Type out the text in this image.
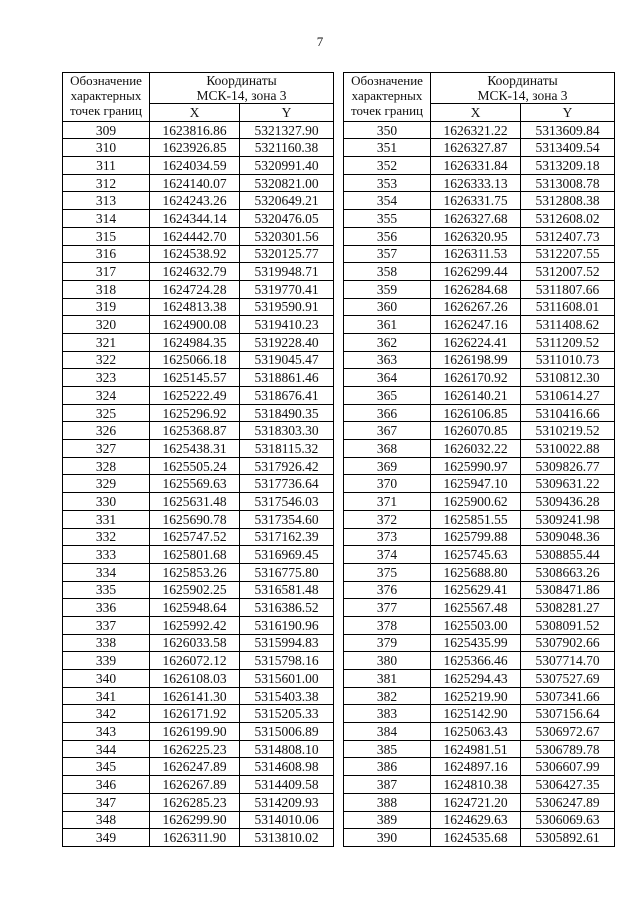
7
Обозначение
характерных
точек границ	Координаты
МСК-14, зона 3	

	X	Y
309	1623816.86	5321327.90
310	1623926.85	5321160.38
311	1624034.59	5320991.40
312	1624140.07	5320821.00
313	1624243.26	5320649.21
314	1624344.14	5320476.05
315	1624442.70	5320301.56
316	1624538.92	5320125.77
317	1624632.79	5319948.71
318	1624724.28	5319770.41
319	1624813.38	5319590.91
320	1624900.08	5319410.23
321	1624984.35	5319228.40
322	1625066.18	5319045.47
323	1625145.57	5318861.46
324	1625222.49	5318676.41
325	1625296.92	5318490.35
326	1625368.87	5318303.30
327	1625438.31	5318115.32
328	1625505.24	5317926.42
329	1625569.63	5317736.64
330	1625631.48	5317546.03
331	1625690.78	5317354.60
332	1625747.52	5317162.39
333	1625801.68	5316969.45
334	1625853.26	5316775.80
335	1625902.25	5316581.48
336	1625948.64	5316386.52
337	1625992.42	5316190.96
338	1626033.58	5315994.83
339	1626072.12	5315798.16
340	1626108.03	5315601.00
341	1626141.30	5315403.38
342	1626171.92	5315205.33
343	1626199.90	5315006.89
344	1626225.23	5314808.10
345	1626247.89	5314608.98
346	1626267.89	5314409.58
347	1626285.23	5314209.93
348	1626299.90	5314010.06
349	1626311.90	5313810.02
Обозначение
характерных
точек границ	Координаты
МСК-14, зона 3	

	X	Y
350	1626321.22	5313609.84
351	1626327.87	5313409.54
352	1626331.84	5313209.18
353	1626333.13	5313008.78
354	1626331.75	5312808.38
355	1626327.68	5312608.02
356	1626320.95	5312407.73
357	1626311.53	5312207.55
358	1626299.44	5312007.52
359	1626284.68	5311807.66
360	1626267.26	5311608.01
361	1626247.16	5311408.62
362	1626224.41	5311209.52
363	1626198.99	5311010.73
364	1626170.92	5310812.30
365	1626140.21	5310614.27
366	1626106.85	5310416.66
367	1626070.85	5310219.52
368	1626032.22	5310022.88
369	1625990.97	5309826.77
370	1625947.10	5309631.22
371	1625900.62	5309436.28
372	1625851.55	5309241.98
373	1625799.88	5309048.36
374	1625745.63	5308855.44
375	1625688.80	5308663.26
376	1625629.41	5308471.86
377	1625567.48	5308281.27
378	1625503.00	5308091.52
379	1625435.99	5307902.66
380	1625366.46	5307714.70
381	1625294.43	5307527.69
382	1625219.90	5307341.66
383	1625142.90	5307156.64
384	1625063.43	5306972.67
385	1624981.51	5306789.78
386	1624897.16	5306607.99
387	1624810.38	5306427.35
388	1624721.20	5306247.89
389	1624629.63	5306069.63
390	1624535.68	5305892.61
